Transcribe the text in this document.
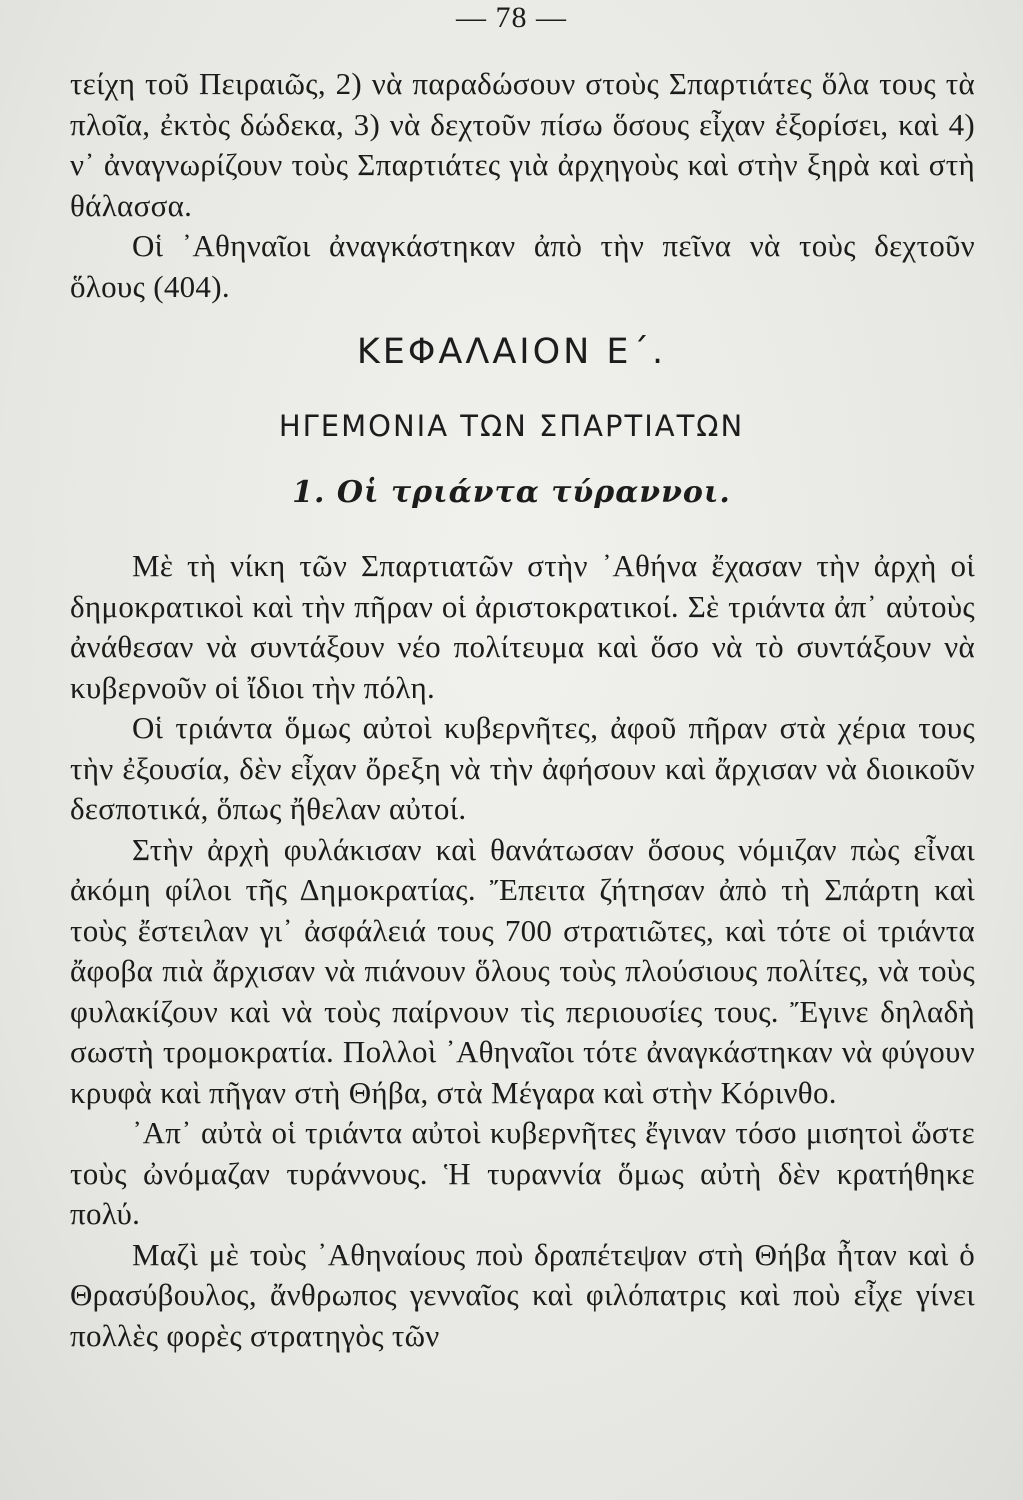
— 78 —

τείχη τοῦ Πειραιῶς, 2) νὰ παραδώσουν στοὺς Σπαρτιάτες ὅλα τους τὰ πλοῖα, ἐκτὸς δώδεκα, 3) νὰ δεχτοῦν πίσω ὅσους εἶχαν ἐξορίσει, καὶ 4) ν᾽ ἀναγνωρίζουν τοὺς Σπαρτιάτες γιὰ ἀρχηγοὺς καὶ στὴν ξηρὰ καὶ στὴ θάλασσα.

Οἱ ᾽Αθηναῖοι ἀναγκάστηκαν ἀπὸ τὴν πεῖνα νὰ τοὺς δεχτοῦν ὅλους (404).

ΚΕΦΑΛΑΙΟΝ Ε΄.
ΗΓΕΜΟΝΙΑ ΤΩΝ ΣΠΑΡΤΙΑΤΩΝ
1. Οἱ τριάντα τύραννοι.

Μὲ τὴ νίκη τῶν Σπαρτιατῶν στὴν ᾽Αθήνα ἔχασαν τὴν ἀρχὴ οἱ δημοκρατικοὶ καὶ τὴν πῆραν οἱ ἀριστοκρατικοί. Σὲ τριάντα ἀπ᾽ αὐτοὺς ἀνάθεσαν νὰ συντάξουν νέο πολίτευμα καὶ ὅσο νὰ τὸ συντάξουν νὰ κυβερνοῦν οἱ ἴδιοι τὴν πόλη.

Οἱ τριάντα ὅμως αὐτοὶ κυβερνῆτες, ἀφοῦ πῆραν στὰ χέρια τους τὴν ἐξουσία, δὲν εἶχαν ὄρεξη νὰ τὴν ἀφήσουν καὶ ἄρχισαν νὰ διοικοῦν δεσποτικά, ὅπως ἤθελαν αὐτοί.

Στὴν ἀρχὴ φυλάκισαν καὶ θανάτωσαν ὅσους νόμιζαν πὼς εἶναι ἀκόμη φίλοι τῆς Δημοκρατίας. Ἔπειτα ζήτησαν ἀπὸ τὴ Σπάρτη καὶ τοὺς ἔστειλαν γι᾽ ἀσφάλειά τους 700 στρατιῶτες, καὶ τότε οἱ τριάντα ἄφοβα πιὰ ἄρχισαν νὰ πιάνουν ὅλους τοὺς πλούσιους πολίτες, νὰ τοὺς φυλακίζουν καὶ νὰ τοὺς παίρνουν τὶς περιουσίες τους. Ἔγινε δηλαδὴ σωστὴ τρομοκρατία. Πολλοὶ ᾽Αθηναῖοι τότε ἀναγκάστηκαν νὰ φύγουν κρυφὰ καὶ πῆγαν στὴ Θήβα, στὰ Μέγαρα καὶ στὴν Κόρινθο.

᾽Απ᾽ αὐτὰ οἱ τριάντα αὐτοὶ κυβερνῆτες ἔγιναν τόσο μισητοὶ ὥστε τοὺς ὠνόμαζαν τυράννους. Ἡ τυραννία ὅμως αὐτὴ δὲν κρατήθηκε πολύ.

Μαζὶ μὲ τοὺς ᾽Αθηναίους ποὺ δραπέτεψαν στὴ Θήβα ἦταν καὶ ὁ Θρασύβουλος, ἄνθρωπος γενναῖος καὶ φιλόπατρις καὶ ποὺ εἶχε γίνει πολλὲς φορὲς στρατηγὸς τῶν
